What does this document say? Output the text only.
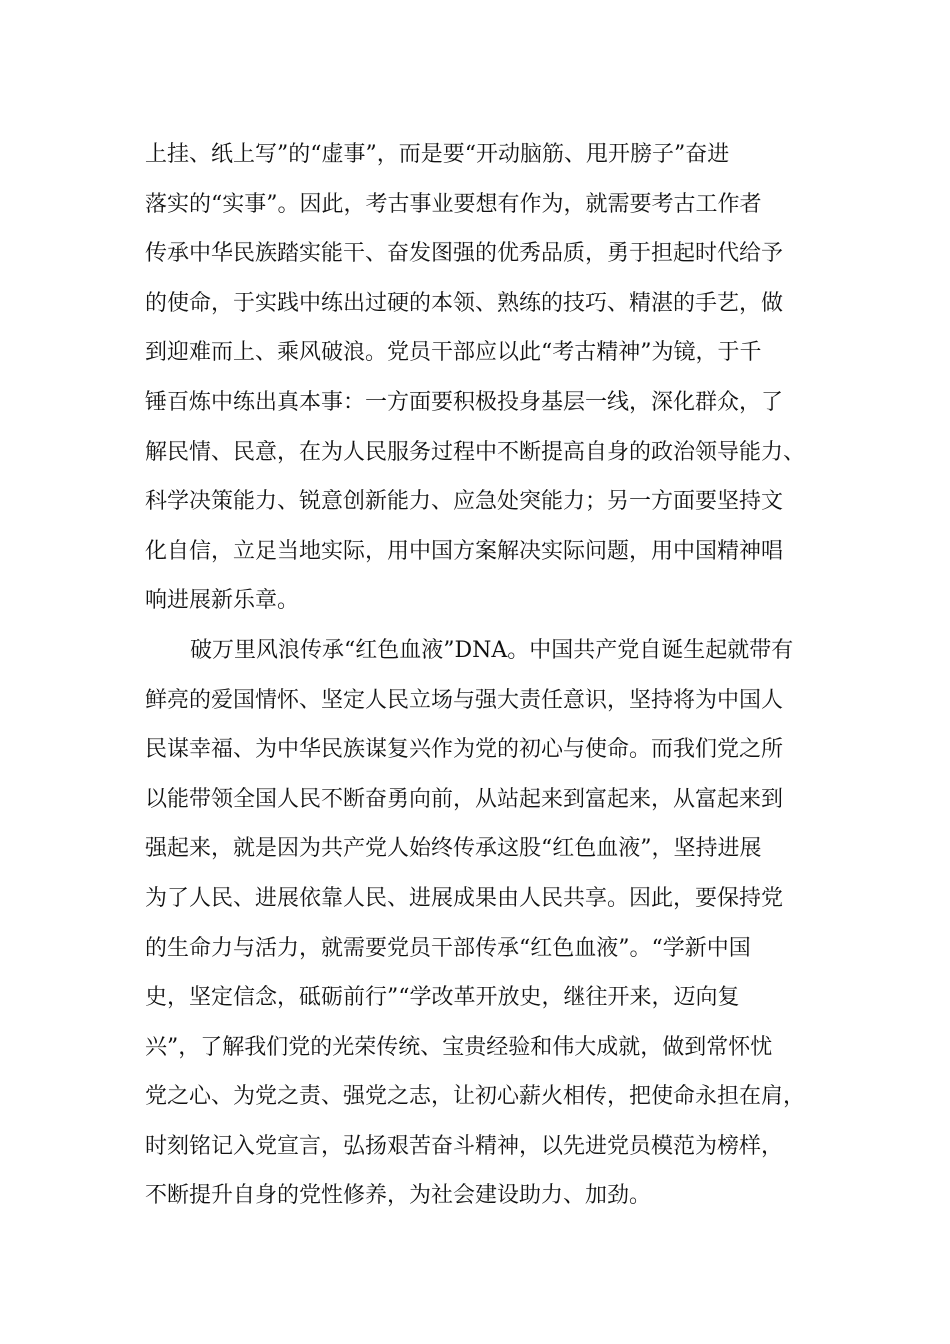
上挂、纸上写”的“虚事”，而是要“开动脑筋、甩开膀子”奋进
落实的“实事”。因此，考古事业要想有作为，就需要考古工作者
传承中华民族踏实能干、奋发图强的优秀品质，勇于担起时代给予
的使命，于实践中练出过硬的本领、熟练的技巧、精湛的手艺，做
到迎难而上、乘风破浪。党员干部应以此“考古精神”为镜，于千
锤百炼中练出真本事：一方面要积极投身基层一线，深化群众，了
解民情、民意，在为人民服务过程中不断提高自身的政治领导能力、
科学决策能力、锐意创新能力、应急处突能力；另一方面要坚持文
化自信，立足当地实际，用中国方案解决实际问题，用中国精神唱
响进展新乐章。
破万里风浪传承“红色血液”DNA。中国共产党自诞生起就带有
鲜亮的爱国情怀、坚定人民立场与强大责任意识，坚持将为中国人
民谋幸福、为中华民族谋复兴作为党的初心与使命。而我们党之所
以能带领全国人民不断奋勇向前，从站起来到富起来，从富起来到
强起来，就是因为共产党人始终传承这股“红色血液”，坚持进展
为了人民、进展依靠人民、进展成果由人民共享。因此，要保持党
的生命力与活力，就需要党员干部传承“红色血液”。“学新中国
史，坚定信念，砥砺前行”“学改革开放史，继往开来，迈向复
兴”，了解我们党的光荣传统、宝贵经验和伟大成就，做到常怀忧
党之心、为党之责、强党之志，让初心薪火相传，把使命永担在肩，
时刻铭记入党宣言，弘扬艰苦奋斗精神，以先进党员模范为榜样，
不断提升自身的党性修养，为社会建设助力、加劲。
